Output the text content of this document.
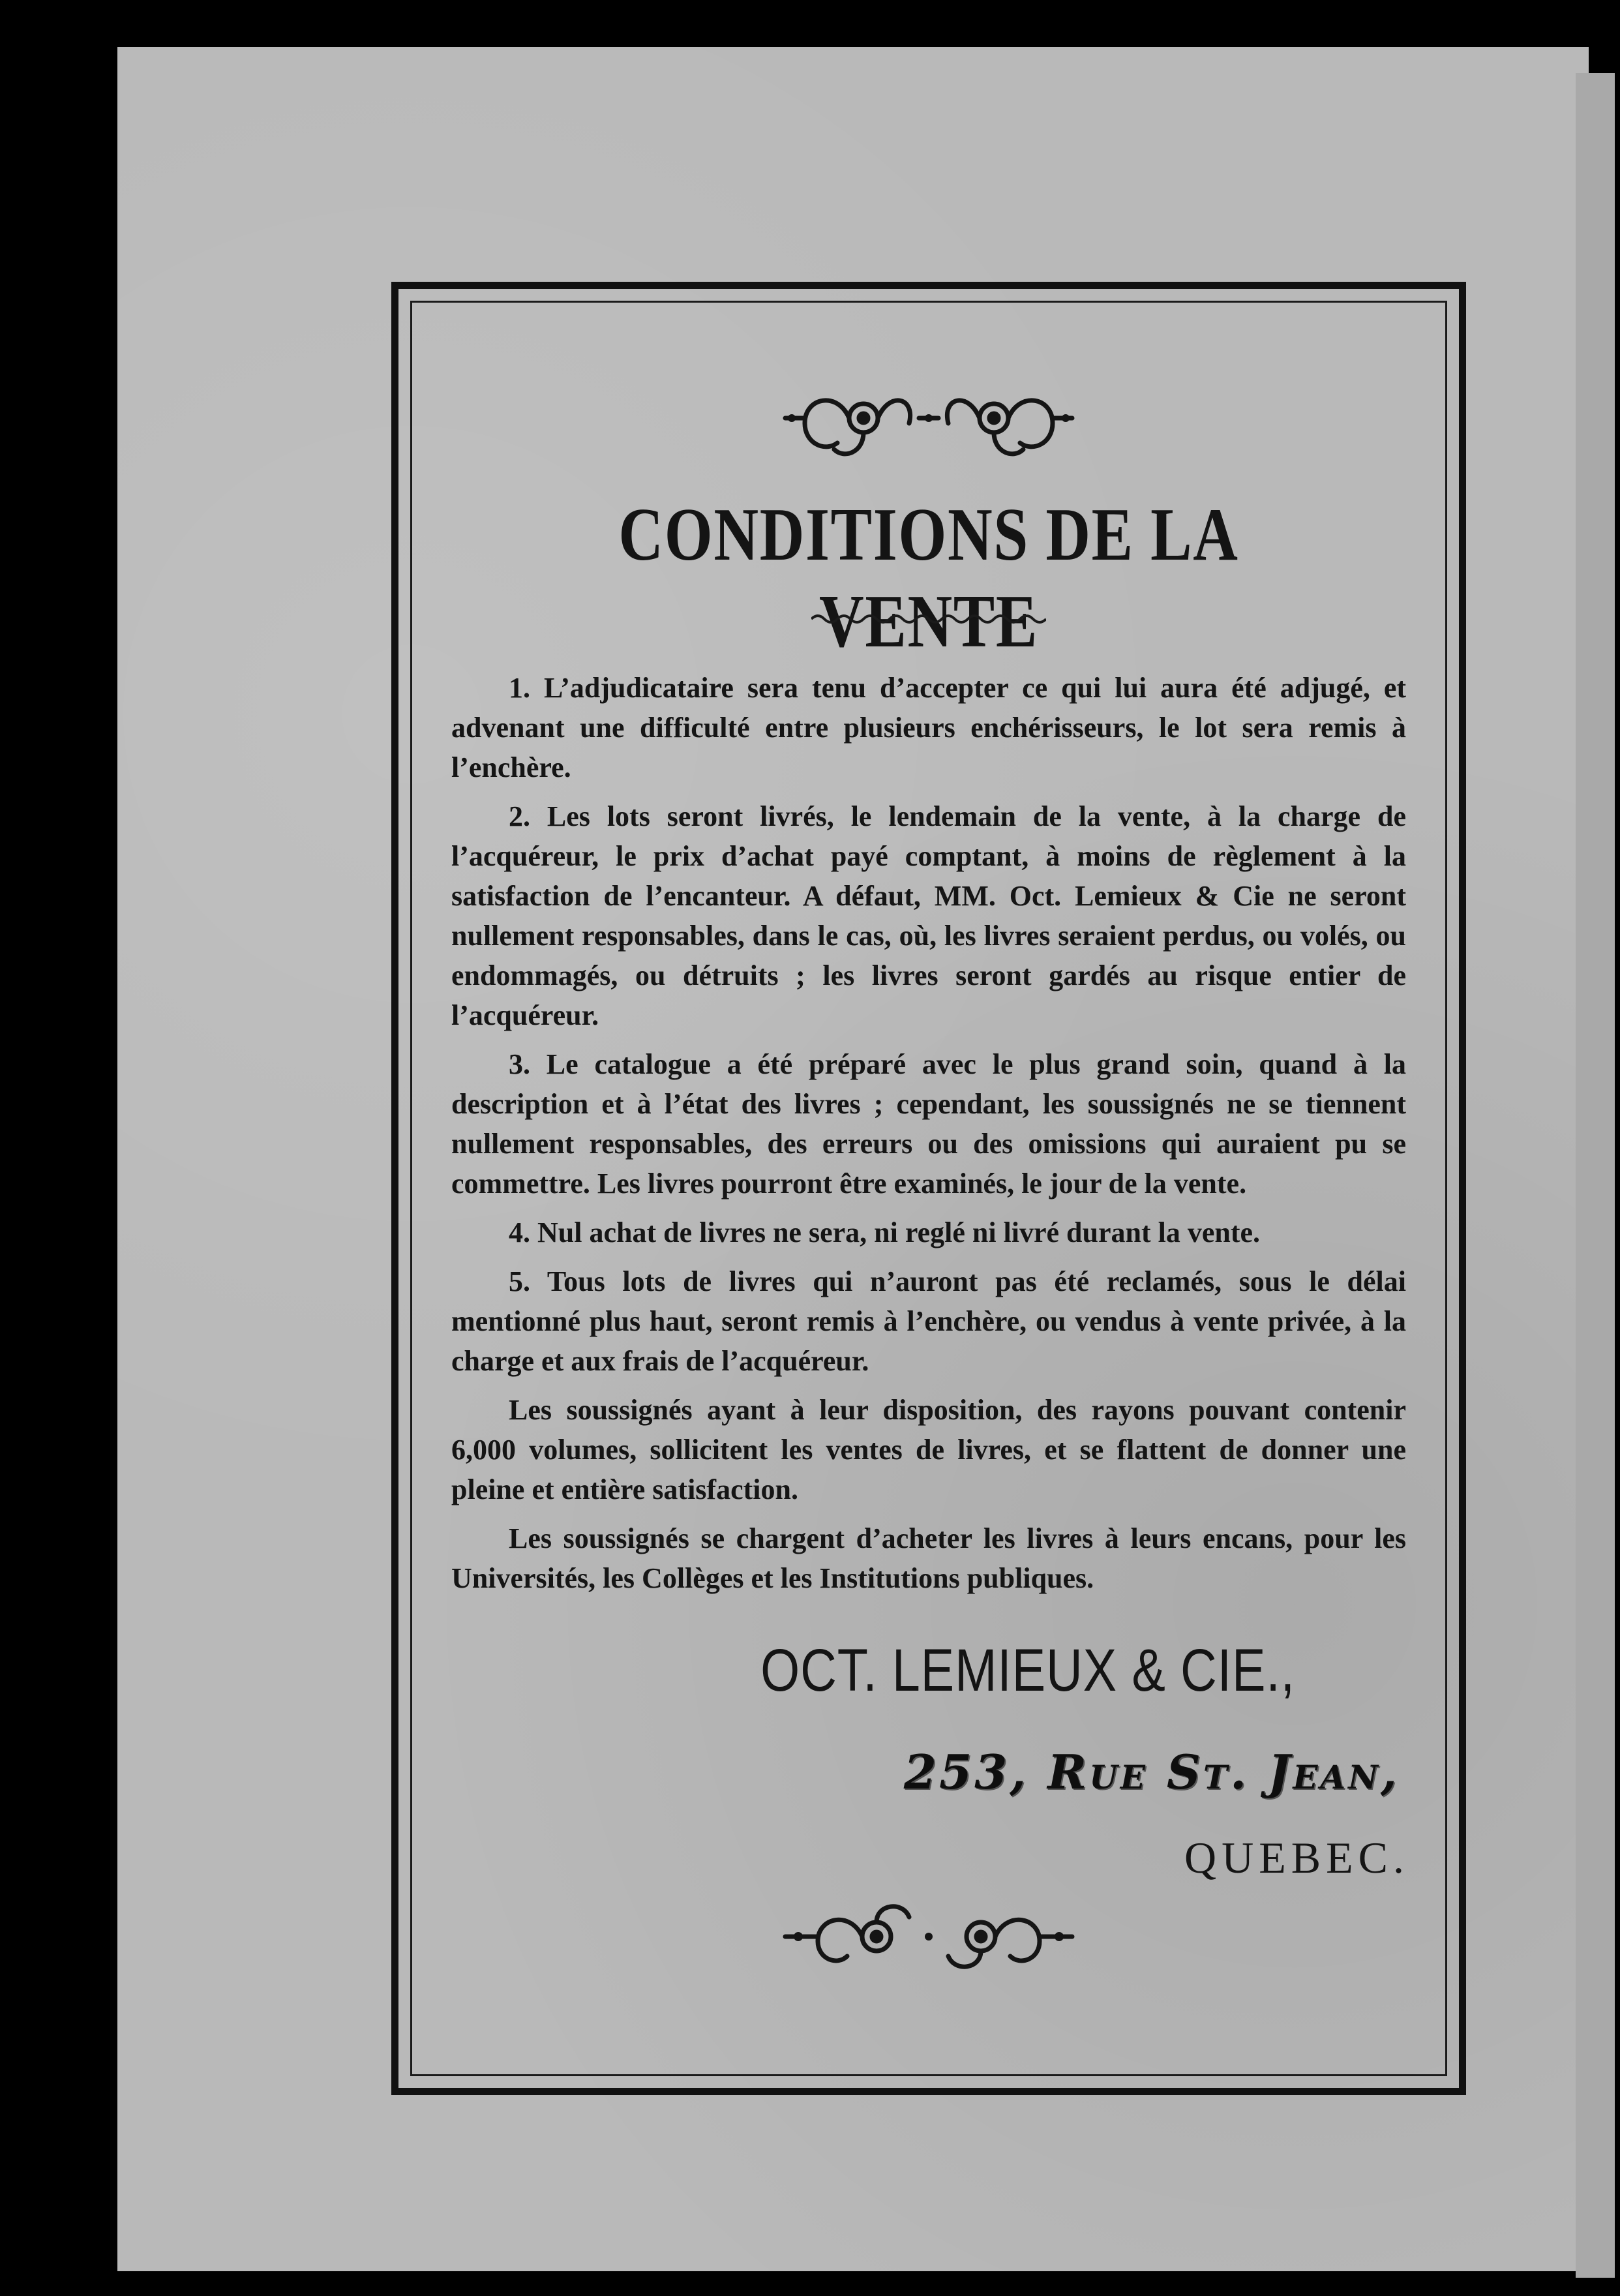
CONDITIONS DE LA VENTE

1. L’adjudicataire sera tenu d’accepter ce qui lui aura été adjugé, et advenant une difficulté entre plusieurs enchérisseurs, le lot sera remis à l’enchère.

2. Les lots seront livrés, le lendemain de la vente, à la charge de l’acquéreur, le prix d’achat payé comptant, à moins de règlement à la satisfaction de l’encanteur. A défaut, MM. Oct. Lemieux & Cie ne seront nullement responsables, dans le cas, où, les livres seraient perdus, ou volés, ou endommagés, ou détruits ; les livres seront gardés au risque entier de l’acquéreur.

3. Le catalogue a été préparé avec le plus grand soin, quand à la description et à l’état des livres ; cependant, les soussignés ne se tiennent nullement responsables, des erreurs ou des omissions qui auraient pu se commettre. Les livres pourront être examinés, le jour de la vente.

4. Nul achat de livres ne sera, ni reglé ni livré durant la vente.

5. Tous lots de livres qui n’auront pas été reclamés, sous le délai mentionné plus haut, seront remis à l’enchère, ou vendus à vente privée, à la charge et aux frais de l’acquéreur.

Les soussignés ayant à leur disposition, des rayons pouvant contenir 6,000 volumes, sollicitent les ventes de livres, et se flattent de donner une pleine et entière satisfaction.

Les soussignés se chargent d’acheter les livres à leurs encans, pour les Universités, les Collèges et les Institutions publiques.

OCT. LEMIEUX & CIE.,
253, Rue St. Jean,
QUEBEC.
